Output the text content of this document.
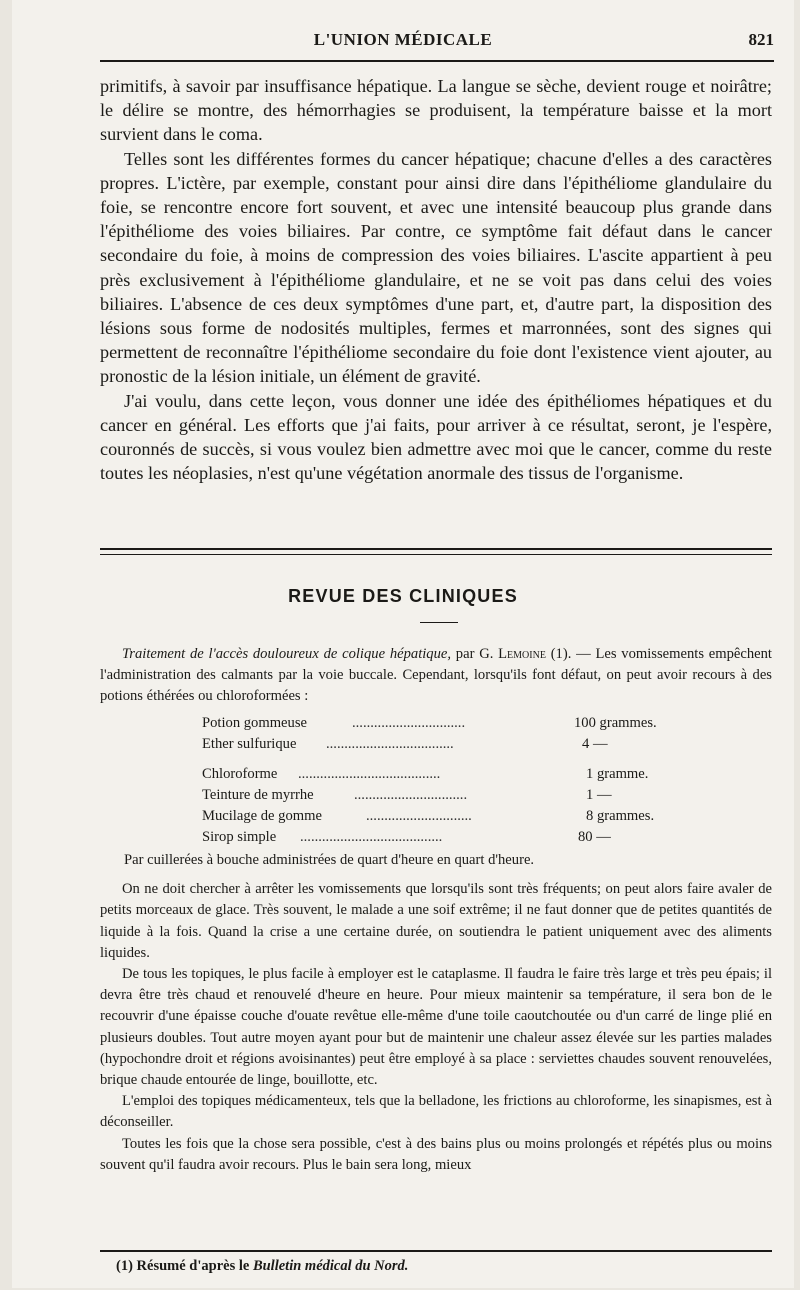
L'UNION MÉDICALE	821

primitifs, à savoir par insuffisance hépatique. La langue se sèche, devient rouge et noirâtre; le délire se montre, des hémorrhagies se produisent, la température baisse et la mort survient dans le coma.

Telles sont les différentes formes du cancer hépatique; chacune d'elles a des caractères propres. L'ictère, par exemple, constant pour ainsi dire dans l'épithéliome glandulaire du foie, se rencontre encore fort souvent, et avec une intensité beaucoup plus grande dans l'épithéliome des voies biliaires. Par contre, ce symptôme fait défaut dans le cancer secondaire du foie, à moins de compression des voies biliaires. L'ascite appartient à peu près exclusivement à l'épithéliome glandulaire, et ne se voit pas dans celui des voies biliaires. L'absence de ces deux symptômes d'une part, et, d'autre part, la disposition des lésions sous forme de nodosités multiples, fermes et marronnées, sont des signes qui permettent de reconnaître l'épithéliome secondaire du foie dont l'existence vient ajouter, au pronostic de la lésion initiale, un élément de gravité.

J'ai voulu, dans cette leçon, vous donner une idée des épithéliomes hépatiques et du cancer en général. Les efforts que j'ai faits, pour arriver à ce résultat, seront, je l'espère, couronnés de succès, si vous voulez bien admettre avec moi que le cancer, comme du reste toutes les néoplasies, n'est qu'une végétation anormale des tissus de l'organisme.

REVUE DES CLINIQUES

Traitement de l'accès douloureux de colique hépatique, par G. Lemoine (1). — Les vomissements empêchent l'administration des calmants par la voie buccale. Cependant, lorsqu'ils font défaut, on peut avoir recours à des potions éthérées ou chloroformées :

Potion gommeuse	...............................	100 grammes.
Ether sulfurique ...................................	4 —
Chloroforme .......................................	1 gramme.
Teinture de myrrhe	...............................	1 —
Mucilage de gomme	.............................	8 grammes.
Sirop simple .......................................	80 —

Par cuillerées à bouche administrées de quart d'heure en quart d'heure.

On ne doit chercher à arrêter les vomissements que lorsqu'ils sont très fréquents; on peut alors faire avaler de petits morceaux de glace. Très souvent, le malade a une soif extrême; il ne faut donner que de petites quantités de liquide à la fois. Quand la crise a une certaine durée, on soutiendra le patient uniquement avec des aliments liquides.

De tous les topiques, le plus facile à employer est le cataplasme. Il faudra le faire très large et très peu épais; il devra être très chaud et renouvelé d'heure en heure. Pour mieux maintenir sa température, il sera bon de le recouvrir d'une épaisse couche d'ouate revêtue elle-même d'une toile caoutchoutée ou d'un carré de linge plié en plusieurs doubles. Tout autre moyen ayant pour but de maintenir une chaleur assez élevée sur les parties malades (hypochondre droit et régions avoisinantes) peut être employé à sa place : serviettes chaudes souvent renouvelées, brique chaude entourée de linge, bouillotte, etc.

L'emploi des topiques médicamenteux, tels que la belladone, les frictions au chloroforme, les sinapismes, est à déconseiller.

Toutes les fois que la chose sera possible, c'est à des bains plus ou moins prolongés et répétés plus ou moins souvent qu'il faudra avoir recours. Plus le bain sera long, mieux

(1) Résumé d'après le Bulletin médical du Nord.
